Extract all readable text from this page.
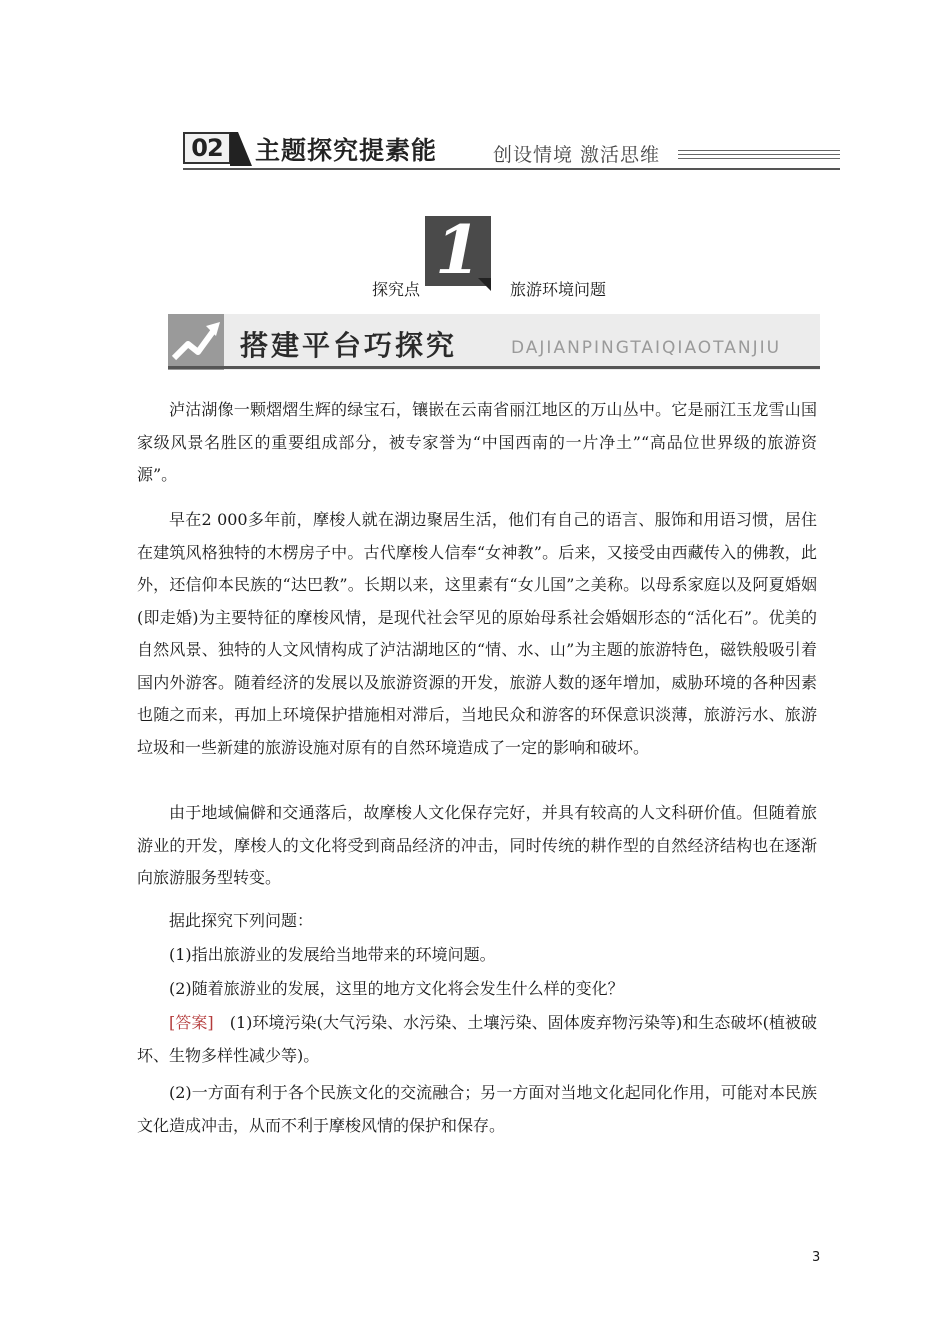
02	主题探究提素能	创设情境 激活思维
1
探究点	旅游环境问题
搭建平台巧探究	DAJIANPINGTAIQIAOTANJIU

泸沽湖像一颗熠熠生辉的绿宝石，镶嵌在云南省丽江地区的万山丛中。它是丽江玉龙雪山国家级风景名胜区的重要组成部分，被专家誉为“中国西南的一片净土”“高品位世界级的旅游资源”。

早在2 000多年前，摩梭人就在湖边聚居生活，他们有自己的语言、服饰和用语习惯，居住在建筑风格独特的木楞房子中。古代摩梭人信奉“女神教”。后来，又接受由西藏传入的佛教，此外，还信仰本民族的“达巴教”。长期以来，这里素有“女儿国”之美称。以母系家庭以及阿夏婚姻(即走婚)为主要特征的摩梭风情，是现代社会罕见的原始母系社会婚姻形态的“活化石”。优美的自然风景、独特的人文风情构成了泸沽湖地区的“情、水、山”为主题的旅游特色，磁铁般吸引着国内外游客。随着经济的发展以及旅游资源的开发，旅游人数的逐年增加，威胁环境的各种因素也随之而来，再加上环境保护措施相对滞后，当地民众和游客的环保意识淡薄，旅游污水、旅游垃圾和一些新建的旅游设施对原有的自然环境造成了一定的影响和破坏。

由于地域偏僻和交通落后，故摩梭人文化保存完好，并具有较高的人文科研价值。但随着旅游业的开发，摩梭人的文化将受到商品经济的冲击，同时传统的耕作型的自然经济结构也在逐渐向旅游服务型转变。

据此探究下列问题：

(1)指出旅游业的发展给当地带来的环境问题。

(2)随着旅游业的发展，这里的地方文化将会发生什么样的变化？

[答案]　 (1)环境污染(大气污染、水污染、土壤污染、固体废弃物污染等)和生态破坏(植被破坏、生物多样性减少等)。

(2)一方面有利于各个民族文化的交流融合；另一方面对当地文化起同化作用，可能对本民族文化造成冲击，从而不利于摩梭风情的保护和保存。

3
